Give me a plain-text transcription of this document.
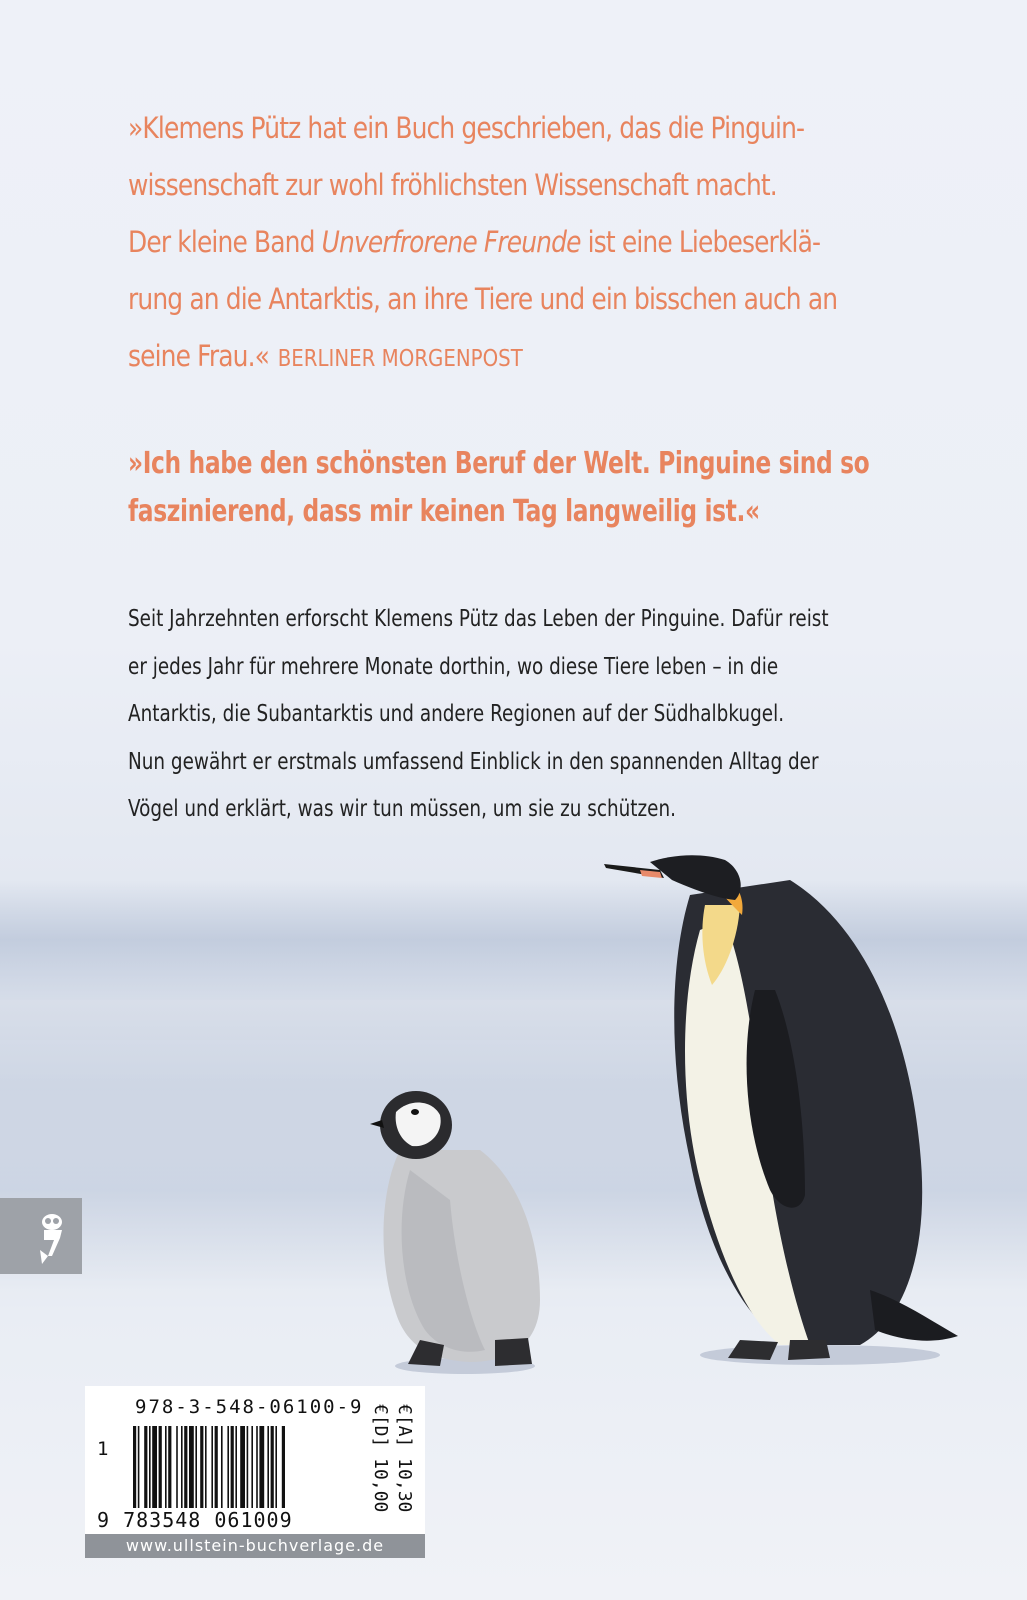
»Klemens Pütz hat ein Buch geschrieben, das die Pinguin-
wissenschaft zur wohl fröhlichsten Wissenschaft macht.
Der kleine Band Unverfrorene Freunde ist eine Liebeserklä-
rung an die Antarktis, an ihre Tiere und ein bisschen auch an
seine Frau.« BERLINER MORGENPOST
»Ich habe den schönsten Beruf der Welt. Pinguine sind so
faszinierend, dass mir keinen Tag langweilig ist.«
Seit Jahrzehnten erforscht Klemens Pütz das Leben der Pinguine. Dafür reist
er jedes Jahr für mehrere Monate dorthin, wo diese Tiere leben – in die
Antarktis, die Subantarktis und andere Regionen auf der Südhalbkugel.
Nun gewährt er erstmals umfassend Einblick in den spannenden Alltag der
Vögel und erklärt, was wir tun müssen, um sie zu schützen.
978-3-548-06100-9
1
9 783548 061009
€[D] 10,00 €[A] 10,30
www.ullstein-buchverlage.de
